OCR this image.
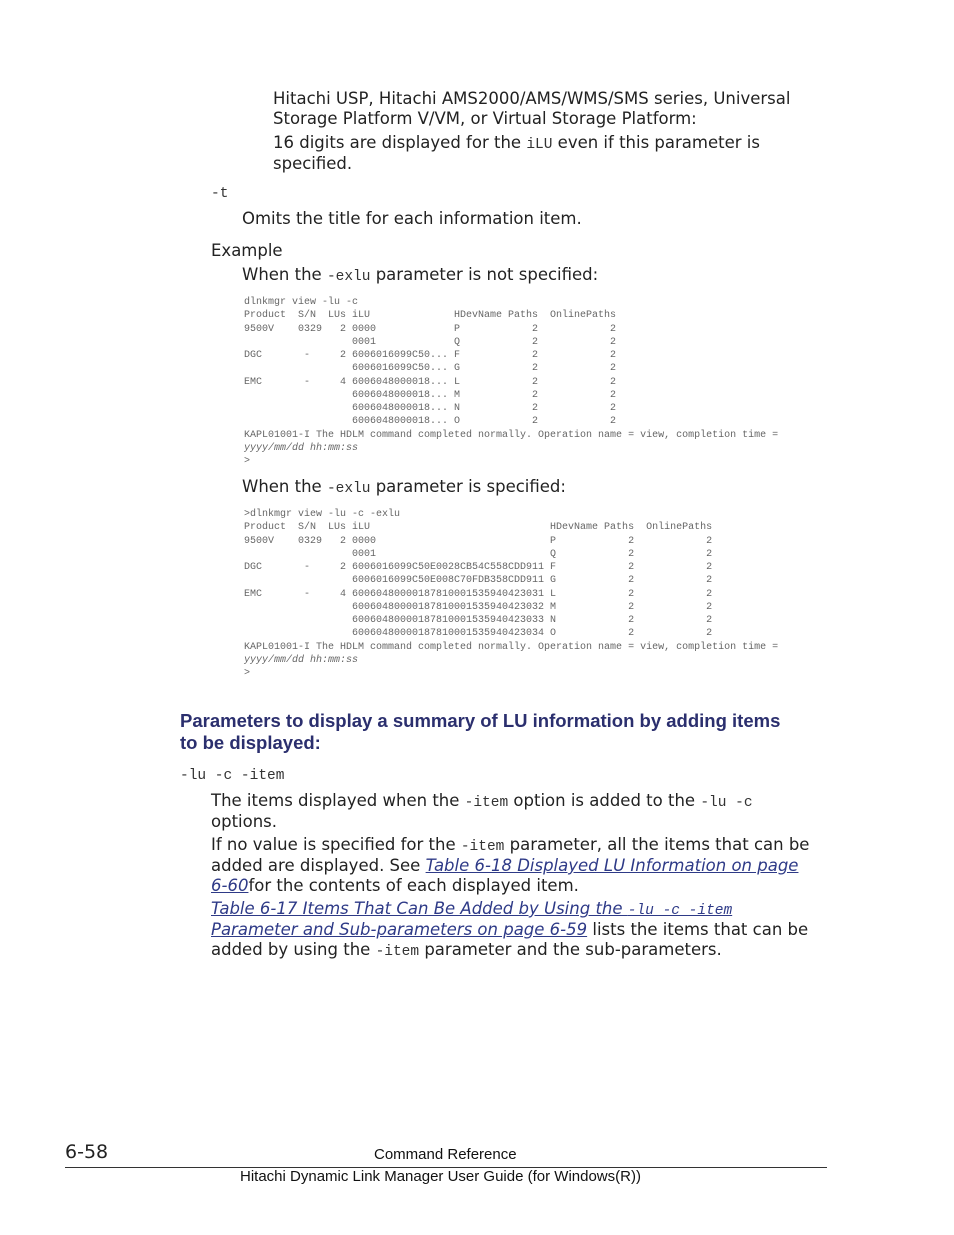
Hitachi USP, Hitachi AMS2000/AMS/WMS/SMS series, Universal
Storage Platform V/VM, or Virtual Storage Platform:
16 digits are displayed for the iLU even if this parameter is
specified.
-t
Omits the title for each information item.
Example
When the -exlu parameter is not specified:
dlnkmgr view -lu -c
Product  S/N  LUs iLU              HDevName Paths  OnlinePaths
9500V    0329   2 0000             P            2            2
0001             Q            2            2
DGC       -     2 6006016099C50... F            2            2
6006016099C50... G            2            2
EMC       -     4 6006048000018... L            2            2
6006048000018... M            2            2
6006048000018... N            2            2
6006048000018... O            2            2
KAPL01001-I The HDLM command completed normally. Operation name = view, completion time =
yyyy/mm/dd hh:mm:ss
>
When the -exlu parameter is specified:
>dlnkmgr view -lu -c -exlu
Product  S/N  LUs iLU                              HDevName Paths  OnlinePaths
9500V    0329   2 0000                             P            2            2
0001                             Q            2            2
DGC       -     2 6006016099C50E0028CB54C558CDD911 F            2            2
6006016099C50E008C70FDB358CDD911 G            2            2
EMC       -     4 60060480000187810001535940423031 L            2            2
60060480000187810001535940423032 M            2            2
60060480000187810001535940423033 N            2            2
60060480000187810001535940423034 O            2            2
KAPL01001-I The HDLM command completed normally. Operation name = view, completion time =
yyyy/mm/dd hh:mm:ss
>
Parameters to display a summary of LU information by adding items
to be displayed:
-lu -c -item
The items displayed when the -item option is added to the -lu -c
options.
If no value is specified for the -item parameter, all the items that can be
added are displayed. See Table 6-18 Displayed LU Information on page
6-60for the contents of each displayed item.
Table 6-17 Items That Can Be Added by Using the -lu -c -item
Parameter and Sub-parameters on page 6-59 lists the items that can be
added by using the -item parameter and the sub-parameters.
6-58	Command Reference
Hitachi Dynamic Link Manager User Guide (for Windows(R))
